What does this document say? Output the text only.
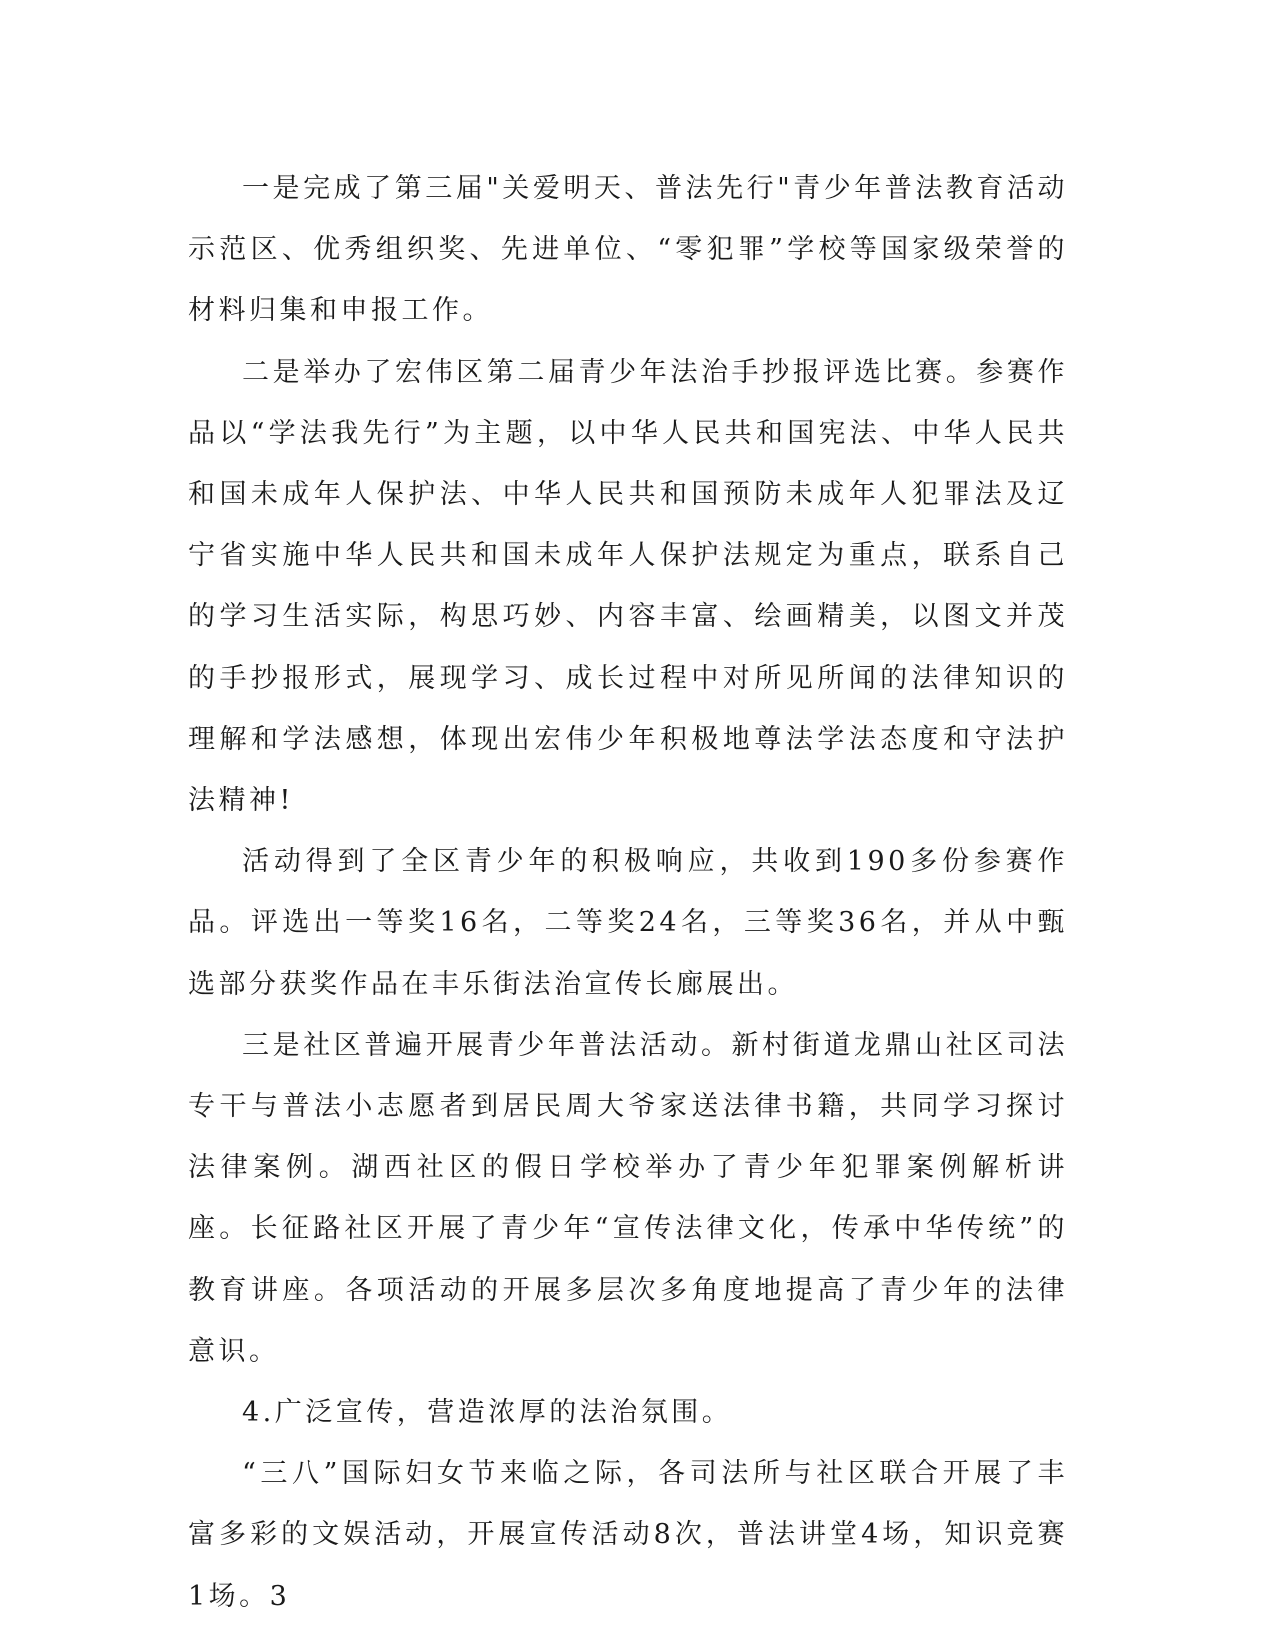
一是完成了第三届"关爱明天、普法先行"青少年普法教育活动示范区、优秀组织奖、先进单位、“零犯罪”学校等国家级荣誉的材料归集和申报工作。

二是举办了宏伟区第二届青少年法治手抄报评选比赛。参赛作品以“学法我先行”为主题，以中华人民共和国宪法、中华人民共和国未成年人保护法、中华人民共和国预防未成年人犯罪法及辽宁省实施中华人民共和国未成年人保护法规定为重点，联系自己的学习生活实际，构思巧妙、内容丰富、绘画精美，以图文并茂的手抄报形式，展现学习、成长过程中对所见所闻的法律知识的理解和学法感想，体现出宏伟少年积极地尊法学法态度和守法护法精神!

活动得到了全区青少年的积极响应，共收到190多份参赛作品。评选出一等奖16名，二等奖24名，三等奖36名，并从中甄选部分获奖作品在丰乐街法治宣传长廊展出。

三是社区普遍开展青少年普法活动。新村街道龙鼎山社区司法专干与普法小志愿者到居民周大爷家送法律书籍，共同学习探讨法律案例。湖西社区的假日学校举办了青少年犯罪案例解析讲座。长征路社区开展了青少年“宣传法律文化，传承中华传统”的教育讲座。各项活动的开展多层次多角度地提高了青少年的法律意识。

4.广泛宣传，营造浓厚的法治氛围。

“三八”国际妇女节来临之际，各司法所与社区联合开展了丰富多彩的文娱活动，开展宣传活动8次，普法讲堂4场，知识竞赛1场。3
